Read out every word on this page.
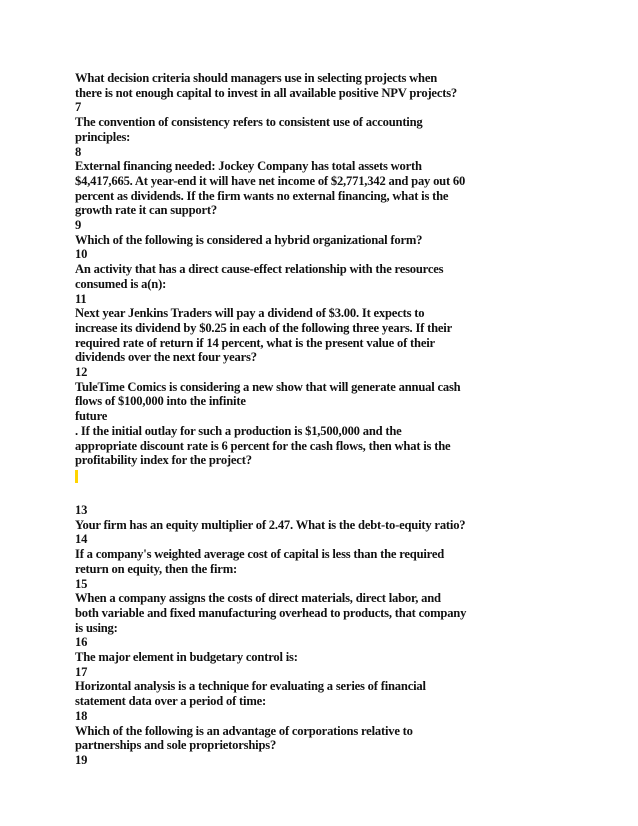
What decision criteria should managers use in selecting projects when
there is not enough capital to invest in all available positive NPV projects?
7
The convention of consistency refers to consistent use of accounting
principles:
8
External financing needed: Jockey Company has total assets worth
$4,417,665. At year-end it will have net income of $2,771,342 and pay out 60
percent as dividends. If the firm wants no external financing, what is the
growth rate it can support?
9
Which of the following is considered a hybrid organizational form?
10
An activity that has a direct cause-effect relationship with the resources
consumed is a(n):
11
Next year Jenkins Traders will pay a dividend of $3.00. It expects to
increase its dividend by $0.25 in each of the following three years. If their
required rate of return if 14 percent, what is the present value of their
dividends over the next four years?
12
TuleTime Comics is considering a new show that will generate annual cash
flows of $100,000 into the infinite
future
. If the initial outlay for such a production is $1,500,000 and the
appropriate discount rate is 6 percent for the cash flows, then what is the
profitability index for the project?
13
Your firm has an equity multiplier of 2.47. What is the debt-to-equity ratio?
14
If a company's weighted average cost of capital is less than the required
return on equity, then the firm:
15
When a company assigns the costs of direct materials, direct labor, and
both variable and fixed manufacturing overhead to products, that company
is using:
16
The major element in budgetary control is:
17
Horizontal analysis is a technique for evaluating a series of financial
statement data over a period of time:
18
Which of the following is an advantage of corporations relative to
partnerships and sole proprietorships?
19
